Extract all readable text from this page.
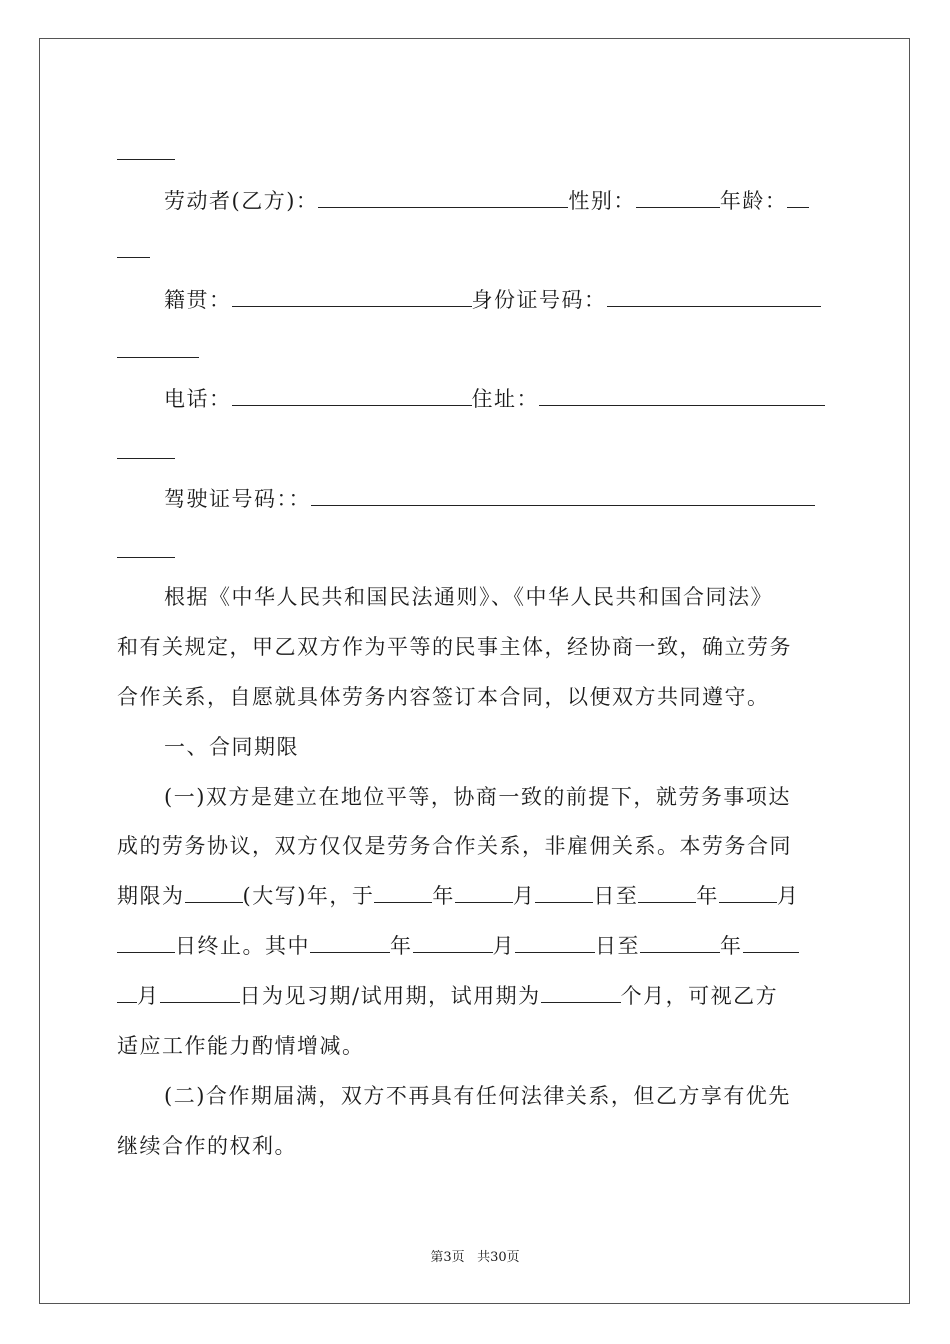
劳动者(乙方)：	性别：	年龄：
籍贯：	身份证号码：
电话：	住址：
驾驶证号码：：
根据《中华人民共和国民法通则》、《中华人民共和国合同法》
和有关规定，甲乙双方作为平等的民事主体，经协商一致，确立劳务
合作关系，自愿就具体劳务内容签订本合同，以便双方共同遵守。
一、合同期限
(一)双方是建立在地位平等，协商一致的前提下，就劳务事项达
成的劳务协议，双方仅仅是劳务合作关系，非雇佣关系。本劳务合同
期限为	(大写)年，于	年	月	日至	年	月
日终止。其中	年	月	日至	年
月	日为见习期/试用期，试用期为	个月，可视乙方
适应工作能力酌情增减。
(二)合作期届满，双方不再具有任何法律关系，但乙方享有优先
继续合作的权利。
第3页 共30页
